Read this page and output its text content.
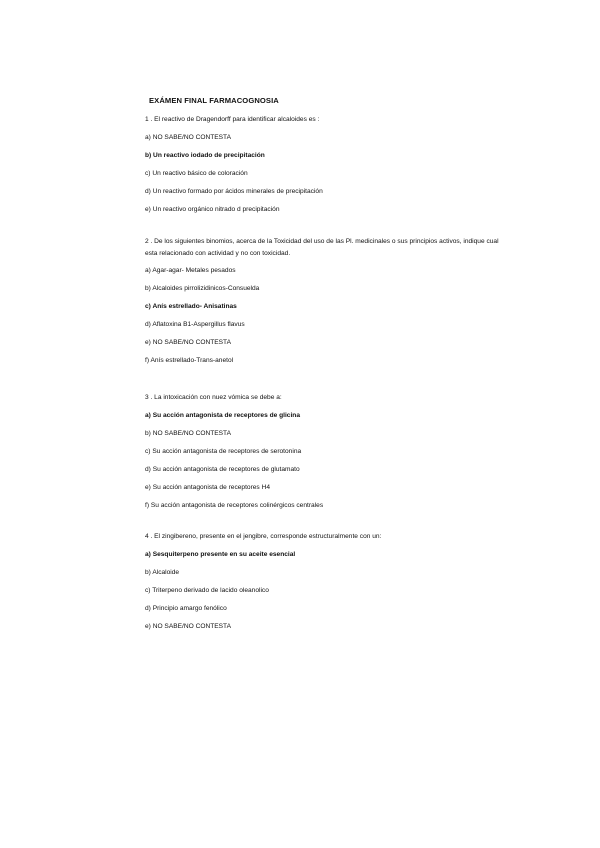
EXÁMEN FINAL FARMACOGNOSIA
1 . El reactivo de Dragendorff para identificar alcaloides es :
a) NO SABE/NO CONTESTA
b) Un reactivo iodado de precipitación
c) Un reactivo básico de coloración
d) Un reactivo formado por ácidos minerales de precipitación
e) Un reactivo orgánico nitrado d precipitación
2 . De los siguientes binomios, acerca de la Toxicidad del uso de las Pl. medicinales o sus principios activos, indique cual esta relacionado con actividad y no con toxicidad.
a) Agar-agar- Metales pesados
b) Alcaloides pirrolizidinicos-Consuelda
c) Anís estrellado- Anisatinas
d) Aflatoxina B1-Aspergillus flavus
e) NO SABE/NO CONTESTA
f) Anís estrellado-Trans-anetol
3 . La intoxicación con nuez vómica se debe a:
a) Su acción antagonista de receptores de glicina
b) NO SABE/NO CONTESTA
c) Su acción antagonista de receptores de serotonina
d) Su acción antagonista de receptores de glutamato
e) Su acción antagonista de receptores H4
f) Su acción antagonista de receptores colinérgicos centrales
4 . El zingibereno, presente en el jengibre, corresponde estructuralmente con un:
a) Sesquiterpeno presente en su aceite esencial
b) Alcaloide
c) Triterpeno derivado de lacido oleanolico
d) Principio amargo fenólico
e) NO SABE/NO CONTESTA
